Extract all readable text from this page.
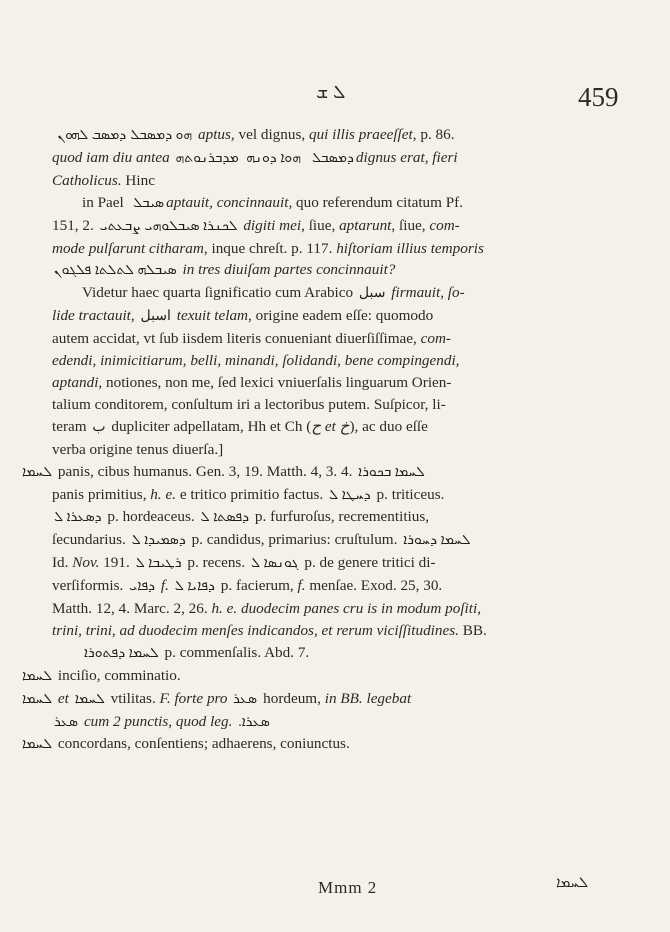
ܠ ܫ	459

ܕܡܣܒ ܠܗܘܢ ܗܘ ܕܡܣܒܠ aptus, vel dignus, qui illis praeeſſet, p. 86.

quod iam diu antea ܡܕܒܪܢܘܬܗ ܗܘܐ ܕܘܢܗ ܕܡܣܒܠ dignus erat, fieri

Catholicus. Hinc

in Pael ܣܝܒܠ aptauit, concinnauit, quo referendum citatum Pf.

151, 2. ܠܟܢܪܐ ܣܝܒܠܘܗܝ ܨܒܥܬܝ digiti mei, ſiue, aptarunt, ſiue, com-

mode pulſarunt citharam, inque chreſt. p. 117. hiſtoriam illius temporis

ܣܝܒܠܗ ܠܬܠܬܐ ܦܠܓܘܢ in tres diuiſam partes concinnauit?

Videtur haec quarta ſignificatio cum Arabico سبل firmauit, ſo-

lide tractauit, اسبل texuit telam, origine eadem eſſe: quomodo

autem accidat, vt ſub iisdem literis conueniant diuerſiſſimae, com-

edendi, inimicitiarum, belli, minandi, ſolidandi, bene compingendi,

aptandi, notiones, non me, ſed lexici vniuerſalis linguarum Orien-

talium conditorem, conſultum iri a lectoribus putem. Suſpicor, li-

teram ب dupliciter adpellatam, Hh et Ch (ح et خ), ac duo eſſe

verba origine tenus diuerſa.]

ܠܚܡܐ panis, cibus humanus. Gen. 3, 19. Matth. 4, 3. 4. ܠܚܡܐ ܒܟܘܪܐ

panis primitius, h. e. e tritico primitio factus. ܕܚܛܐ ܠ p. triticeus.

ܕܣܥܪܐ ܠ p. hordeaceus. ܕܦܣܬܐ ܠ p. furfuroſus, recrementitius,

ſecundarius. ܕܣܡܝܕܐ ܠ p. candidus, primarius: cruſtulum. ܠܚܡܐ ܕܚܘܪܐ

Id. Nov. 191. ܪܛܝܒܐ ܠ p. recens. ܓܘܢܣܐ ܠ p. de genere tritici di-

verſiformis. ܕܦܐܝ f. ܕܦܐܝܐ ܠ p. facierum, f. menſae. Exod. 25, 30.

Matth. 12, 4. Marc. 2, 26. h. e. duodecim panes cru is in modum poſiti,

trini, trini, ad duodecim menſes indicandos, et rerum viciſſitudines. BB.

ܠܚܡܐ ܕܦܬܘܪܐ p. commenſalis. Abd. 7.

ܠܚܡܐ inciſio, comminatio.

ܠܚܡܐ et ܠܚܡܐ vtilitas. F. forte pro ܣܥܪ hordeum, in BB. legebat

ܣܥܪ cum 2 punctis, quod leg. ܣܥܪܐ.

ܠܚܡܐ concordans, conſentiens; adhaerens, coniunctus.

Mmm 2	ܠܚܡܐ
